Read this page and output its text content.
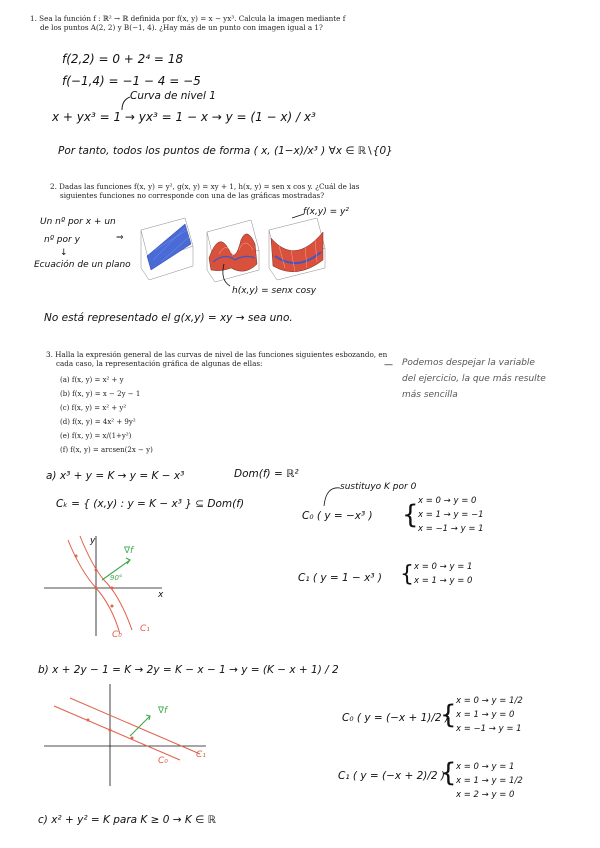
1. Sea la función f : ℝ² → ℝ definida por f(x, y) = x − yx³. Calcula la imagen mediante f
de los puntos A(2, 2) y B(−1, 4). ¿Hay más de un punto con imagen igual a 1?
f(2,2) = 0 + 2⁴ = 18
f(−1,4) = −1 − 4 = −5
Curva de nivel 1
x + yx³ = 1 → yx³ = 1 − x → y = (1 − x) / x³
Por tanto, todos los puntos de forma ( x, (1−x)/x³ ) ∀x ∈ ℝ∖{0}
2. Dadas las funciones f(x, y) = y², g(x, y) = xy + 1, h(x, y) = sen x cos y. ¿Cuál de las
siguientes funciones no corresponde con una de las gráficas mostradas?
Un nº por x + un
nº por y
↓
Ecuación de un plano
⇒
f(x,y) = y²
h(x,y) = senx cosy
No está representado el g(x,y) = xy → sea uno.
3. Halla la expresión general de las curvas de nivel de las funciones siguientes esbozando, en
cada caso, la representación gráfica de algunas de ellas:	— Podemos despejar la variable
del ejercicio, la que más resulte
más sencilla
(a) f(x, y) = x² + y
(b) f(x, y) = x − 2y − 1
(c) f(x, y) = x² + y²
(d) f(x, y) = 4x² + 9y²
(e) f(x, y) = x/(1+y²)
(f) f(x, y) = arcsen(2x − y)
a) x³ + y = K → y = K − x³	Dom(f) = ℝ²
Cₖ = { (x,y) : y = K − x³ } ⊆ Dom(f)
sustituyo K por 0
C₀ ( y = −x³ ) { x = 0 → y = 0
x = 1 → y = −1
x = −1 → y = 1
C₁ ( y = 1 − x³ ) { x = 0 → y = 1
x = 1 → y = 0
∇f
90°
y
x
C₀
C₁
b) x + 2y − 1 = K → 2y = K − x − 1 → y = (K − x + 1) / 2
∇f
C₀
C₁
C₀ ( y = (−x + 1)/2 )
{ x = 0 → y = 1/2
x = 1 → y = 0
x = −1 → y = 1
C₁ ( y = (−x + 2)/2 )
{ x = 0 → y = 1
x = 1 → y = 1/2
x = 2 → y = 0
c) x² + y² = K para K ≥ 0 → K ∈ ℝ
